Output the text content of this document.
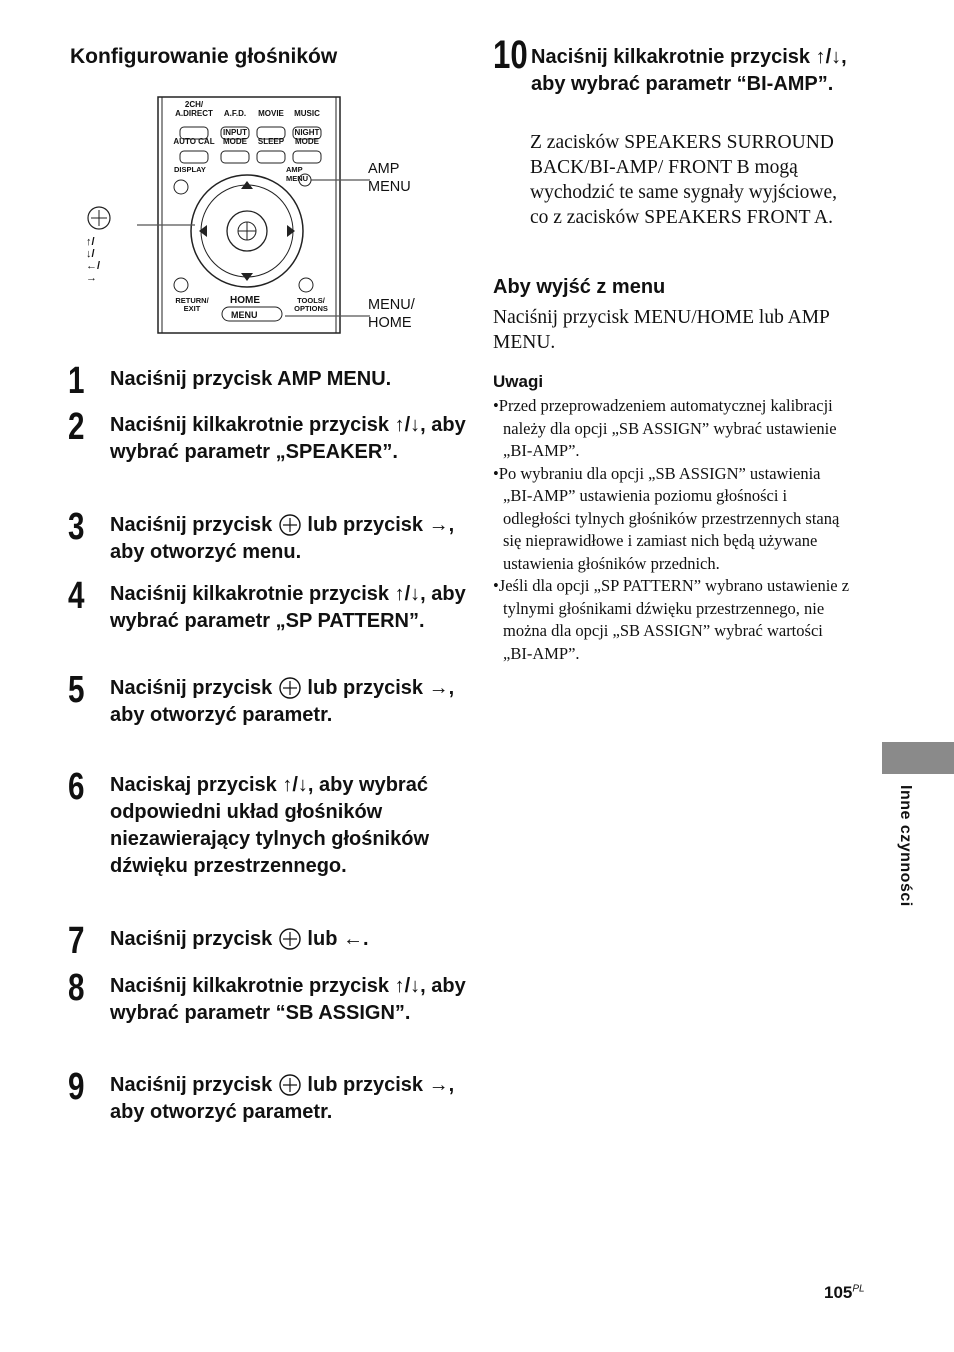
Konfigurowanie głośników
2CH/
A.DIRECT	A.F.D.	MOVIE	MUSIC
AUTO CAL
INPUT
MODE	SLEEP
NIGHT
MODE
DISPLAY	AMP MENU
RETURN/
EXIT
HOME
MENU
TOOLS/
OPTIONS
↑/↓/←/→
AMP
MENU
MENU/
HOME
1 Naciśnij przycisk AMP MENU.
2 Naciśnij kilkakrotnie przycisk ↑/↓, aby wybrać parametr „SPEAKER”.
3 Naciśnij przycisk  lub przycisk →, aby otworzyć menu.
4 Naciśnij kilkakrotnie przycisk ↑/↓, aby wybrać parametr „SP PATTERN”.
5 Naciśnij przycisk  lub przycisk →, aby otworzyć parametr.
6 Naciskaj przycisk ↑/↓, aby wybrać odpowiedni układ głośników niezawierający tylnych głośników dźwięku przestrzennego.
7 Naciśnij przycisk  lub ←.
8 Naciśnij kilkakrotnie przycisk ↑/↓, aby wybrać parametr “SB ASSIGN”.
9 Naciśnij przycisk  lub przycisk →, aby otworzyć parametr.
10 Naciśnij kilkakrotnie przycisk ↑/↓, aby wybrać parametr “BI-AMP”.
Z zacisków SPEAKERS SURROUND BACK/BI-AMP/ FRONT B mogą wychodzić te same sygnały wyjściowe, co z zacisków SPEAKERS FRONT A.
Aby wyjść z menu
Naciśnij przycisk MENU/HOME lub AMP MENU.
Uwagi
•Przed przeprowadzeniem automatycznej kalibracji należy dla opcji „SB ASSIGN” wybrać ustawienie „BI-AMP”.
•Po wybraniu dla opcji „SB ASSIGN” ustawienia „BI-AMP” ustawienia poziomu głośności i odległości tylnych głośników przestrzennych staną się nieprawidłowe i zamiast nich będą używane ustawienia głośników przednich.
•Jeśli dla opcji „SP PATTERN” wybrano ustawienie z tylnymi głośnikami dźwięku przestrzennego, nie można dla opcji „SB ASSIGN” wybrać wartości „BI-AMP”.
Inne czynności
$105^{PL}$
